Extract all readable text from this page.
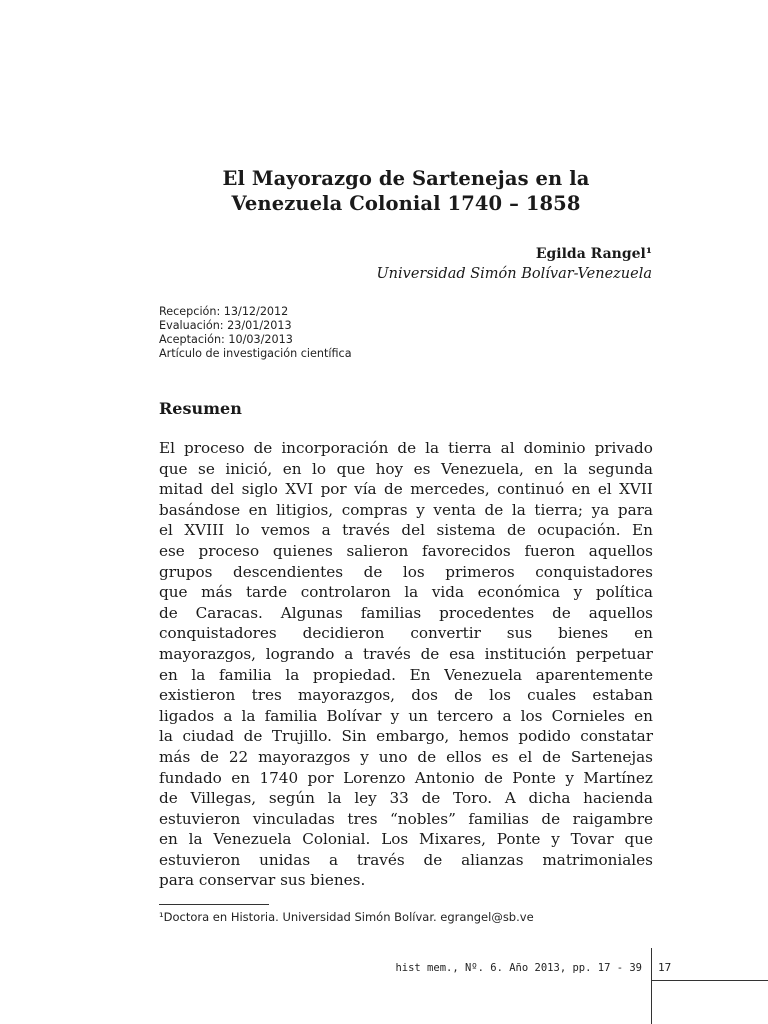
El Mayorazgo de Sartenejas en la
Venezuela Colonial 1740 – 1858
Egilda Rangel¹
Universidad Simón Bolívar-Venezuela
Recepción: 13/12/2012
Evaluación: 23/01/2013
Aceptación: 10/03/2013
Artículo de investigación científica
Resumen
El proceso de incorporación de la tierra al dominio privado
que se inició, en lo que hoy es Venezuela, en la segunda
mitad del siglo XVI por vía de mercedes, continuó en el XVII
basándose en litigios, compras y venta de la tierra; ya para
el XVIII lo vemos a través del sistema de ocupación. En
ese proceso quienes salieron favorecidos fueron aquellos
grupos descendientes de los primeros conquistadores
que más tarde controlaron la vida económica y política
de Caracas. Algunas familias procedentes de aquellos
conquistadores decidieron convertir sus bienes en
mayorazgos, logrando a través de esa institución perpetuar
en la familia la propiedad. En Venezuela aparentemente
existieron tres mayorazgos, dos de los cuales estaban
ligados a la familia Bolívar y un tercero a los Cornieles en
la ciudad de Trujillo. Sin embargo, hemos podido constatar
más de 22 mayorazgos y uno de ellos es el de Sartenejas
fundado en 1740 por Lorenzo Antonio de Ponte y Martínez
de Villegas, según la ley 33 de Toro. A dicha hacienda
estuvieron vinculadas tres “nobles” familias de raigambre
en la Venezuela Colonial. Los Mixares, Ponte y Tovar que
estuvieron unidas a través de alianzas matrimoniales
para conservar sus bienes.
¹Doctora en Historia. Universidad Simón Bolívar. egrangel@sb.ve
hist mem., Nº. 6. Año 2013, pp. 17 - 39 17
